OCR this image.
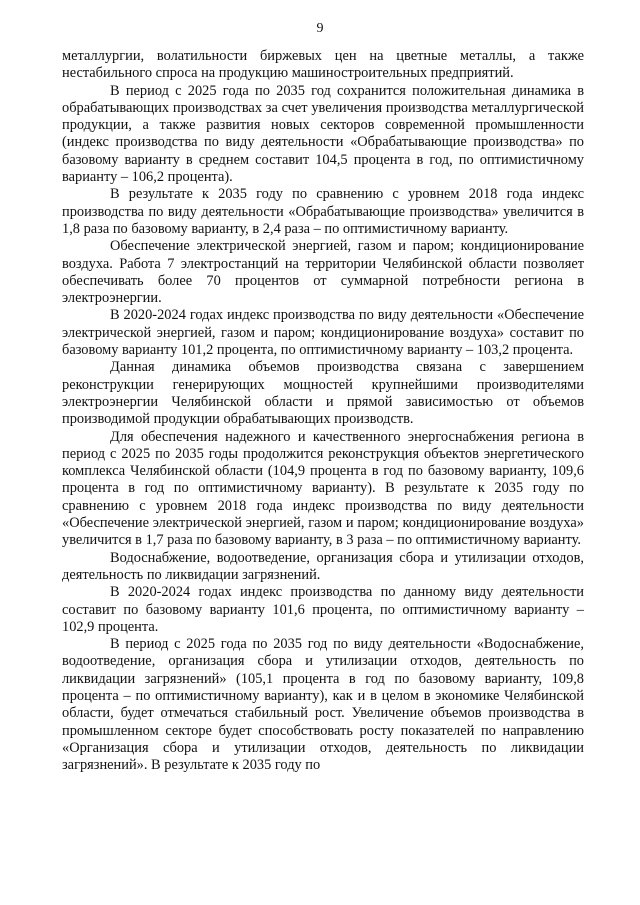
9

металлургии, волатильности биржевых цен на цветные металлы, а также нестабильного спроса на продукцию машиностроительных предприятий.

В период с 2025 года по 2035 год сохранится положительная динамика в обрабатывающих производствах за счет увеличения производства металлургической продукции, а также развития новых секторов современной промышленности (индекс производства по виду деятельности «Обрабатывающие производства» по базовому варианту в среднем составит 104,5 процента в год, по оптимистичному варианту – 106,2 процента).

В результате к 2035 году по сравнению с уровнем 2018 года индекс производства по виду деятельности «Обрабатывающие производства» увеличится в 1,8 раза по базовому варианту, в 2,4 раза – по оптимистичному варианту.

Обеспечение электрической энергией, газом и паром; кондиционирование воздуха. Работа 7 электростанций на территории Челябинской области позволяет обеспечивать более 70 процентов от суммарной потребности региона в электроэнергии.

В 2020-2024 годах индекс производства по виду деятельности «Обеспечение электрической энергией, газом и паром; кондиционирование воздуха» составит по базовому варианту 101,2 процента, по оптимистичному варианту – 103,2 процента.

Данная динамика объемов производства связана с завершением реконструкции генерирующих мощностей крупнейшими производителями электроэнергии Челябинской области и прямой зависимостью от объемов производимой продукции обрабатывающих производств.

Для обеспечения надежного и качественного энергоснабжения региона в период с 2025 по 2035 годы продолжится реконструкция объектов энергетического комплекса Челябинской области (104,9 процента в год по базовому варианту, 109,6 процента в год по оптимистичному варианту). В результате к 2035 году по сравнению с уровнем 2018 года индекс производства по виду деятельности «Обеспечение электрической энергией, газом и паром; кондиционирование воздуха» увеличится в 1,7 раза по базовому варианту, в 3 раза – по оптимистичному варианту.

Водоснабжение, водоотведение, организация сбора и утилизации отходов, деятельность по ликвидации загрязнений.

В 2020-2024 годах индекс производства по данному виду деятельности составит по базовому варианту 101,6 процента, по оптимистичному варианту – 102,9 процента.

В период с 2025 года по 2035 год по виду деятельности «Водоснабжение, водоотведение, организация сбора и утилизации отходов, деятельность по ликвидации загрязнений» (105,1 процента в год по базовому варианту, 109,8 процента – по оптимистичному варианту), как и в целом в экономике Челябинской области, будет отмечаться стабильный рост. Увеличение объемов производства в промышленном секторе будет способствовать росту показателей по направлению «Организация сбора и утилизации отходов, деятельность по ликвидации загрязнений». В результате к 2035 году по
